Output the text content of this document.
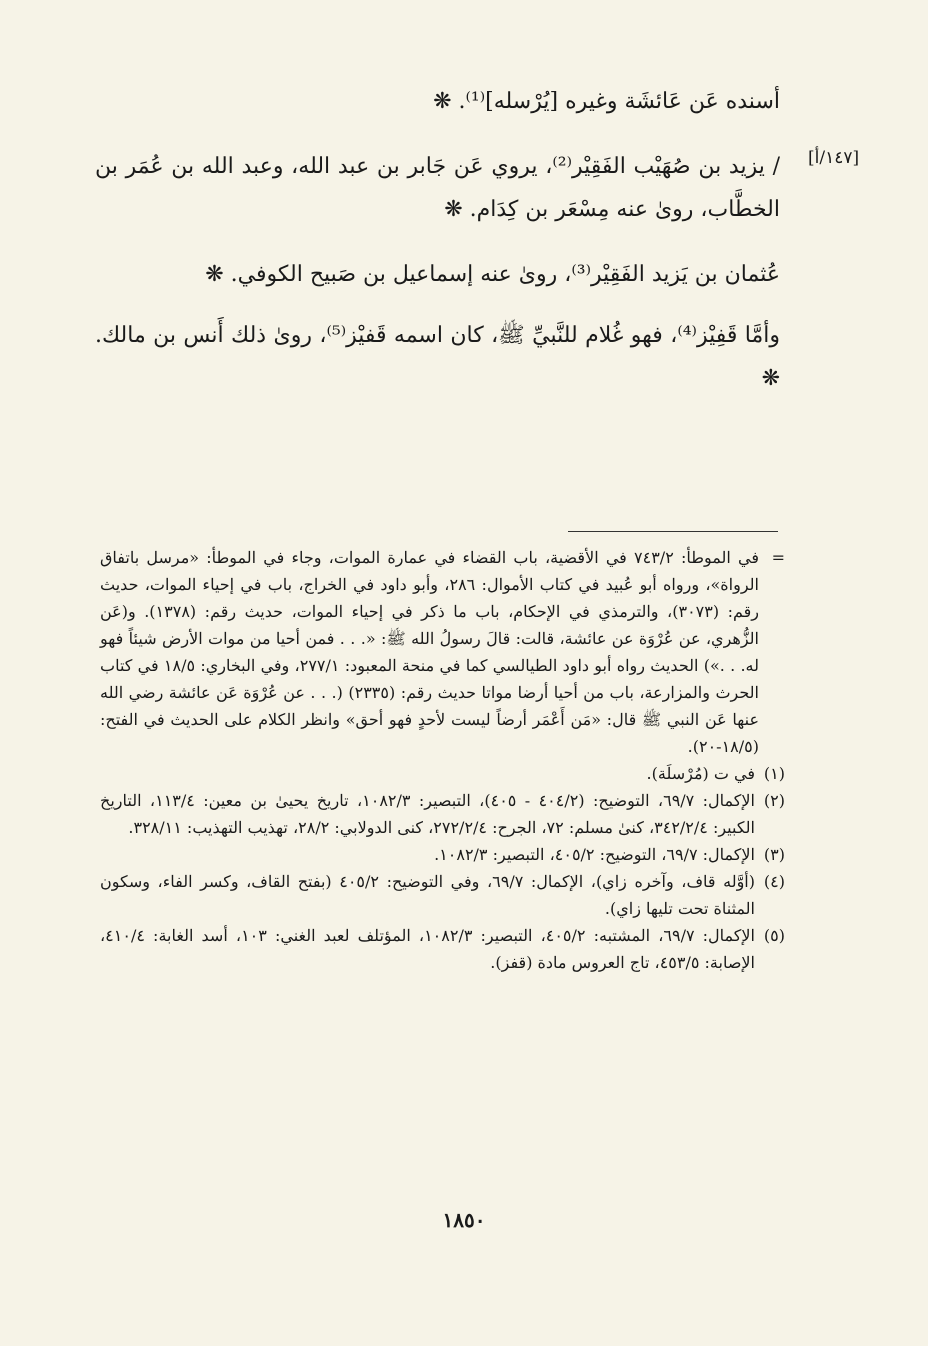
[١٤٧/أ]

أسنده عَن عَائشَة وغيره [يُرْسله]⁽¹⁾. ❋

/ يزيد بن صُهَيْب الفَقِيْر⁽²⁾، يروي عَن جَابر بن عبد الله، وعبد الله بن عُمَر بن الخطَّاب، روىٰ عنه مِسْعَر بن كِدَام. ❋

عُثمان بن يَزيد الفَقِيْر⁽³⁾، روىٰ عنه إسماعيل بن صَبيح الكوفي. ❋

وأمَّا قَفِيْز⁽⁴⁾، فهو غُلام للنَّبيِّ ﷺ، كان اسمه قَفيْز⁽⁵⁾، روىٰ ذلك أَنس بن مالك. ❋

=
في الموطأ: ٧٤٣/٢ في الأقضية، باب القضاء في عمارة الموات، وجاء في الموطأ: «مرسل باتفاق الرواة»، ورواه أبو عُبيد في كتاب الأموال: ٢٨٦، وأبو داود في الخراج، باب في إحياء الموات، حديث رقم: (٣٠٧٣)، والترمذي في الإحكام، باب ما ذكر في إحياء الموات، حديث رقم: (١٣٧٨). و(عَن الزُّهري، عن عُرْوَة عن عائشة، قالت: قالَ رسولُ الله ﷺ: «. . . فمن أحيا من موات الأرض شيئاً فهو له. . .») الحديث رواه أبو داود الطيالسي كما في منحة المعبود: ٢٧٧/١، وفي البخاري: ١٨/٥ في كتاب الحرث والمزارعة، باب من أحيا أرضا مواتا حديث رقم: (٢٣٣٥) (. . . عن عُرْوَة عَن عائشة رضي الله عنها عَن النبي ﷺ قال: «مَن أَعْمَر أرضاً ليست لأحدٍ فهو أحق» وانظر الكلام على الحديث في الفتح: (١٨/٥-٢٠).

(١)
في ت (مُرْسلَة).

(٢)
الإكمال: ٦٩/٧، التوضيح: (٤٠٤/٢ - ٤٠٥)، التبصير: ١٠٨٢/٣، تاريخ يحيىٰ بن معين: ١١٣/٤، التاريخ الكبير: ٣٤٢/٢/٤، كنىٰ مسلم: ٧٢، الجرح: ٢٧٢/٢/٤، كنى الدولابي: ٢٨/٢، تهذيب التهذيب: ٣٢٨/١١.

(٣)
الإكمال: ٦٩/٧، التوضيح: ٤٠٥/٢، التبصير: ١٠٨٢/٣.

(٤)
(أوَّله قاف، وآخره زاي)، الإكمال: ٦٩/٧، وفي التوضيح: ٤٠٥/٢ (بفتح القاف، وكسر الفاء، وسكون المثناة تحت تليها زاي).

(٥)
الإكمال: ٦٩/٧، المشتبه: ٤٠٥/٢، التبصير: ١٠٨٢/٣، المؤتلف لعبد الغني: ١٠٣، أسد الغابة: ٤١٠/٤، الإصابة: ٤٥٣/٥، تاج العروس مادة (قفز).

١٨٥٠
